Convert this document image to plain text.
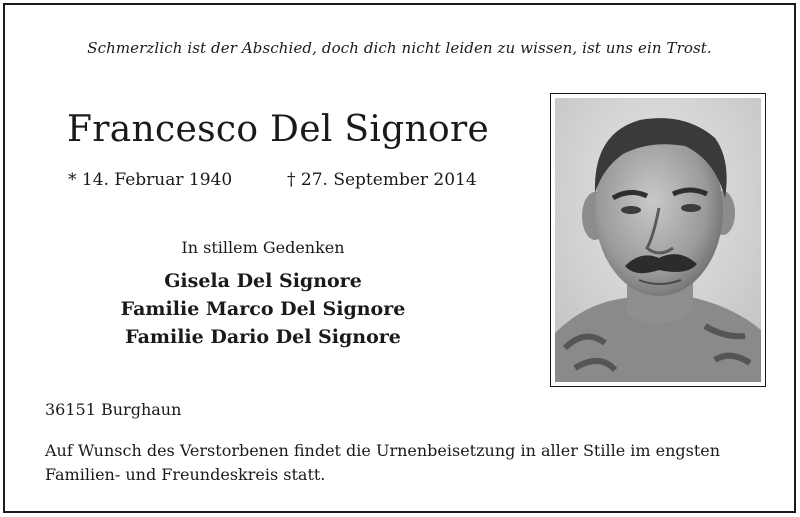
Schmerzlich ist der Abschied, doch dich nicht leiden zu wissen, ist uns ein Trost.
Francesco Del Signore
* 14. Februar 1940	† 27. September 2014
In stillem Gedenken
Gisela Del Signore
Familie Marco Del Signore
Familie Dario Del Signore
36151 Burghaun
Auf Wunsch des Verstorbenen findet die Urnenbeisetzung in aller Stille im engsten Familien- und Freundeskreis statt.
